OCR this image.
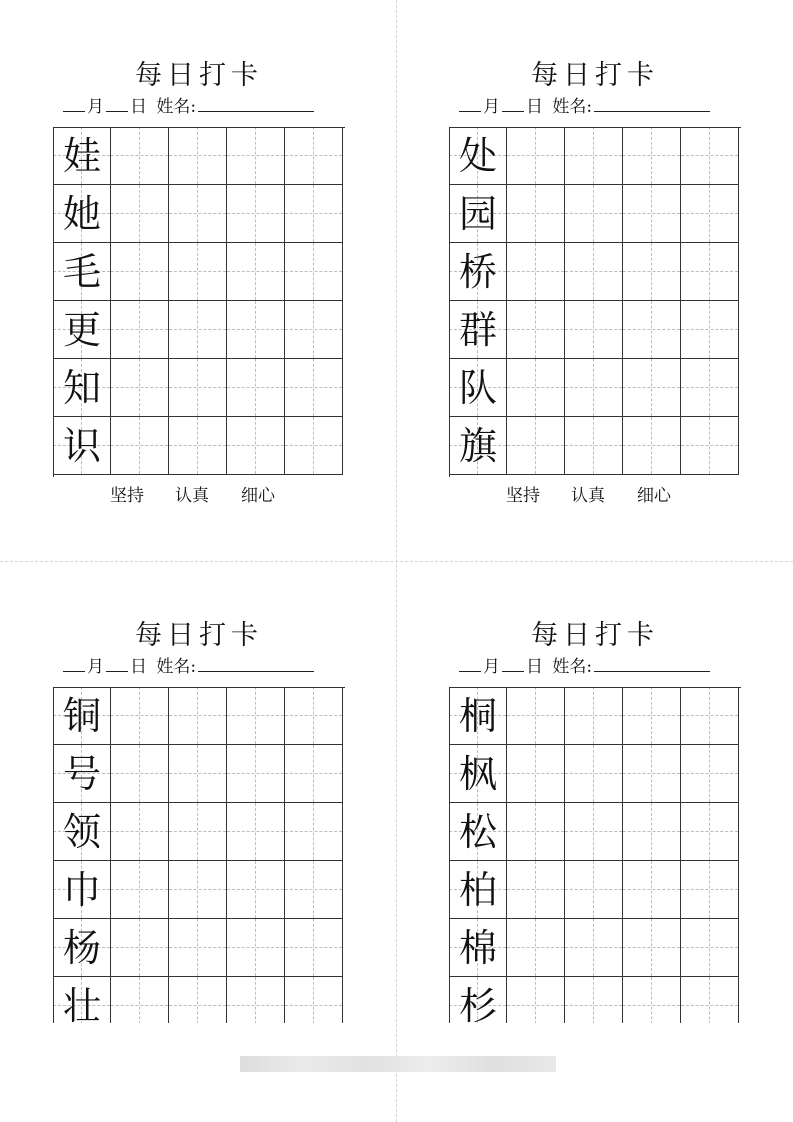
每日打卡
月 日 姓名:
娃
她
毛
更
知
识
坚持 认真 细心
每日打卡
月 日 姓名:
处
园
桥
群
队
旗
坚持 认真 细心
每日打卡
月 日 姓名:
铜
号
领
巾
杨
壮
每日打卡
月 日 姓名:
桐
枫
松
柏
棉
杉
